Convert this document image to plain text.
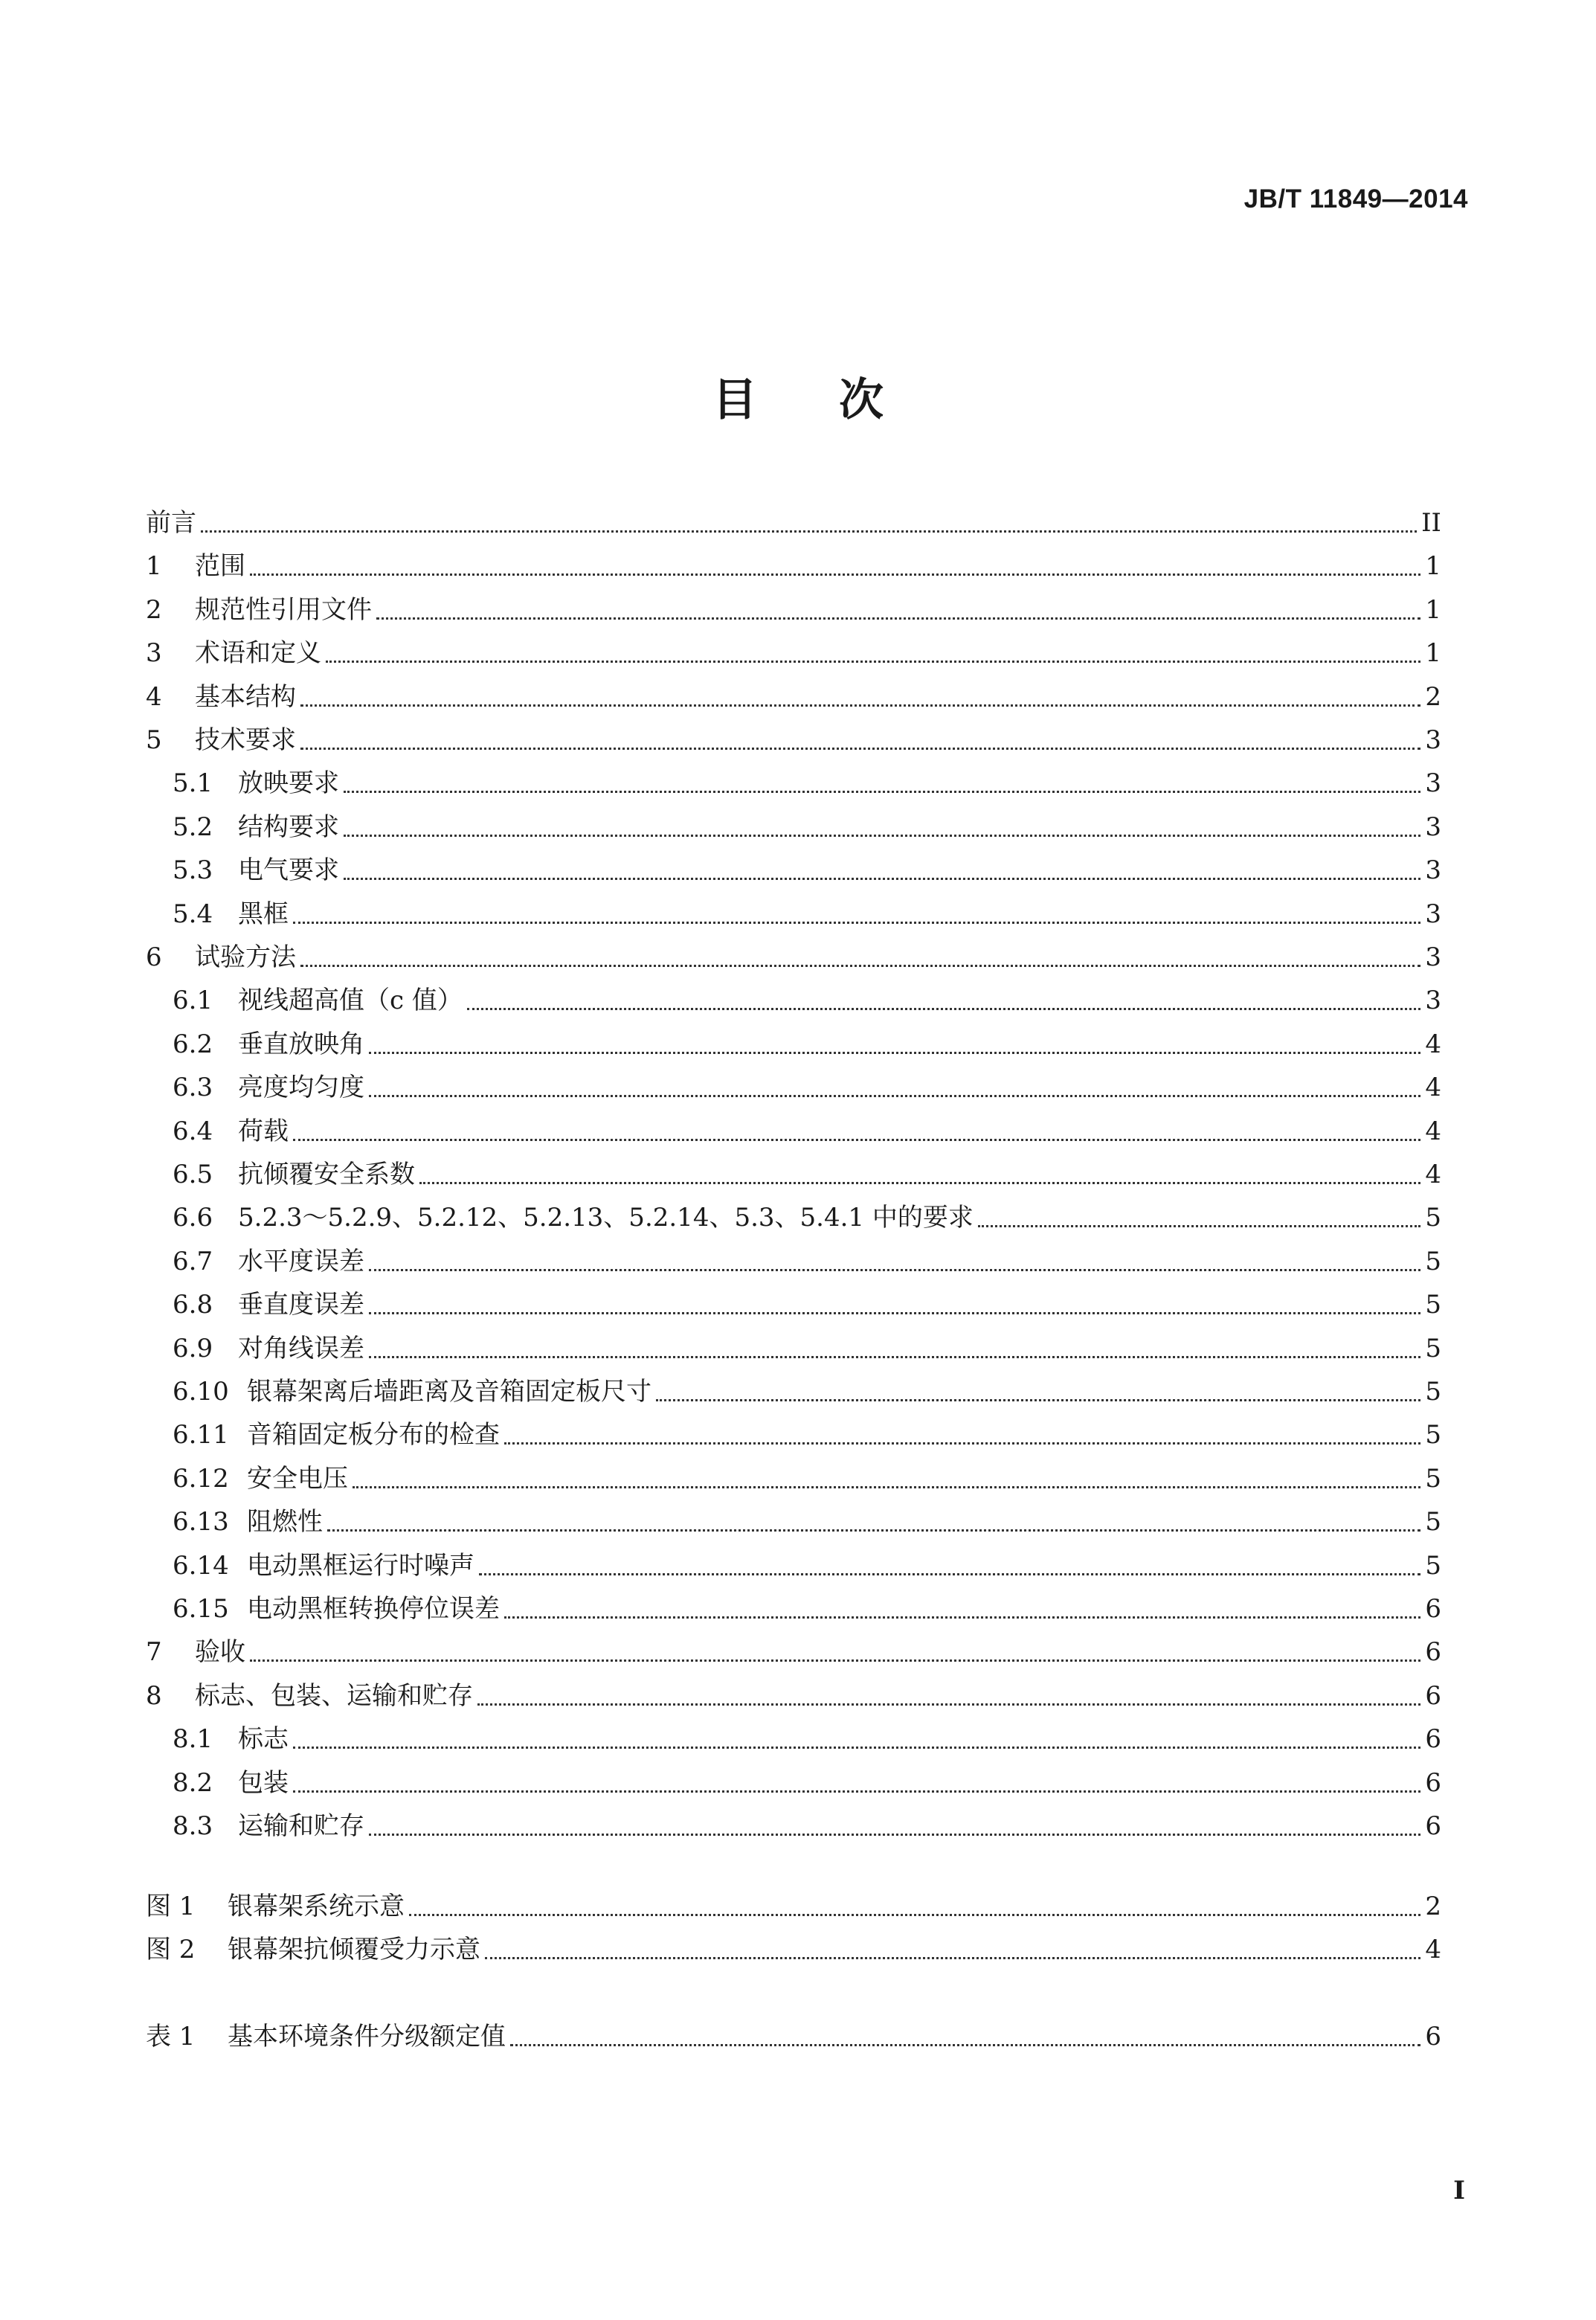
JB/T 11849—2014
目次
前言	II
1	范围	1
2	规范性引用文件	1
3	术语和定义	1
4	基本结构	2
5	技术要求	3
5.1 放映要求	3
5.2 结构要求	3
5.3 电气要求	3
5.4 黑框	3
6	试验方法	3
6.1 视线超高值（c 值）	3
6.2 垂直放映角	4
6.3 亮度均匀度	4
6.4 荷载	4
6.5 抗倾覆安全系数	4
6.6 5.2.3～5.2.9、5.2.12、5.2.13、5.2.14、5.3、5.4.1 中的要求	5
6.7 水平度误差	5
6.8 垂直度误差	5
6.9 对角线误差	5
6.10 银幕架离后墙距离及音箱固定板尺寸	5
6.11 音箱固定板分布的检查	5
6.12 安全电压	5
6.13 阻燃性	5
6.14 电动黑框运行时噪声	5
6.15 电动黑框转换停位误差	6
7	验收	6
8	标志、包装、运输和贮存	6
8.1 标志	6
8.2 包装	6
8.3 运输和贮存	6
图 1	银幕架系统示意	2
图 2	银幕架抗倾覆受力示意	4
表 1	基本环境条件分级额定值	6
I
